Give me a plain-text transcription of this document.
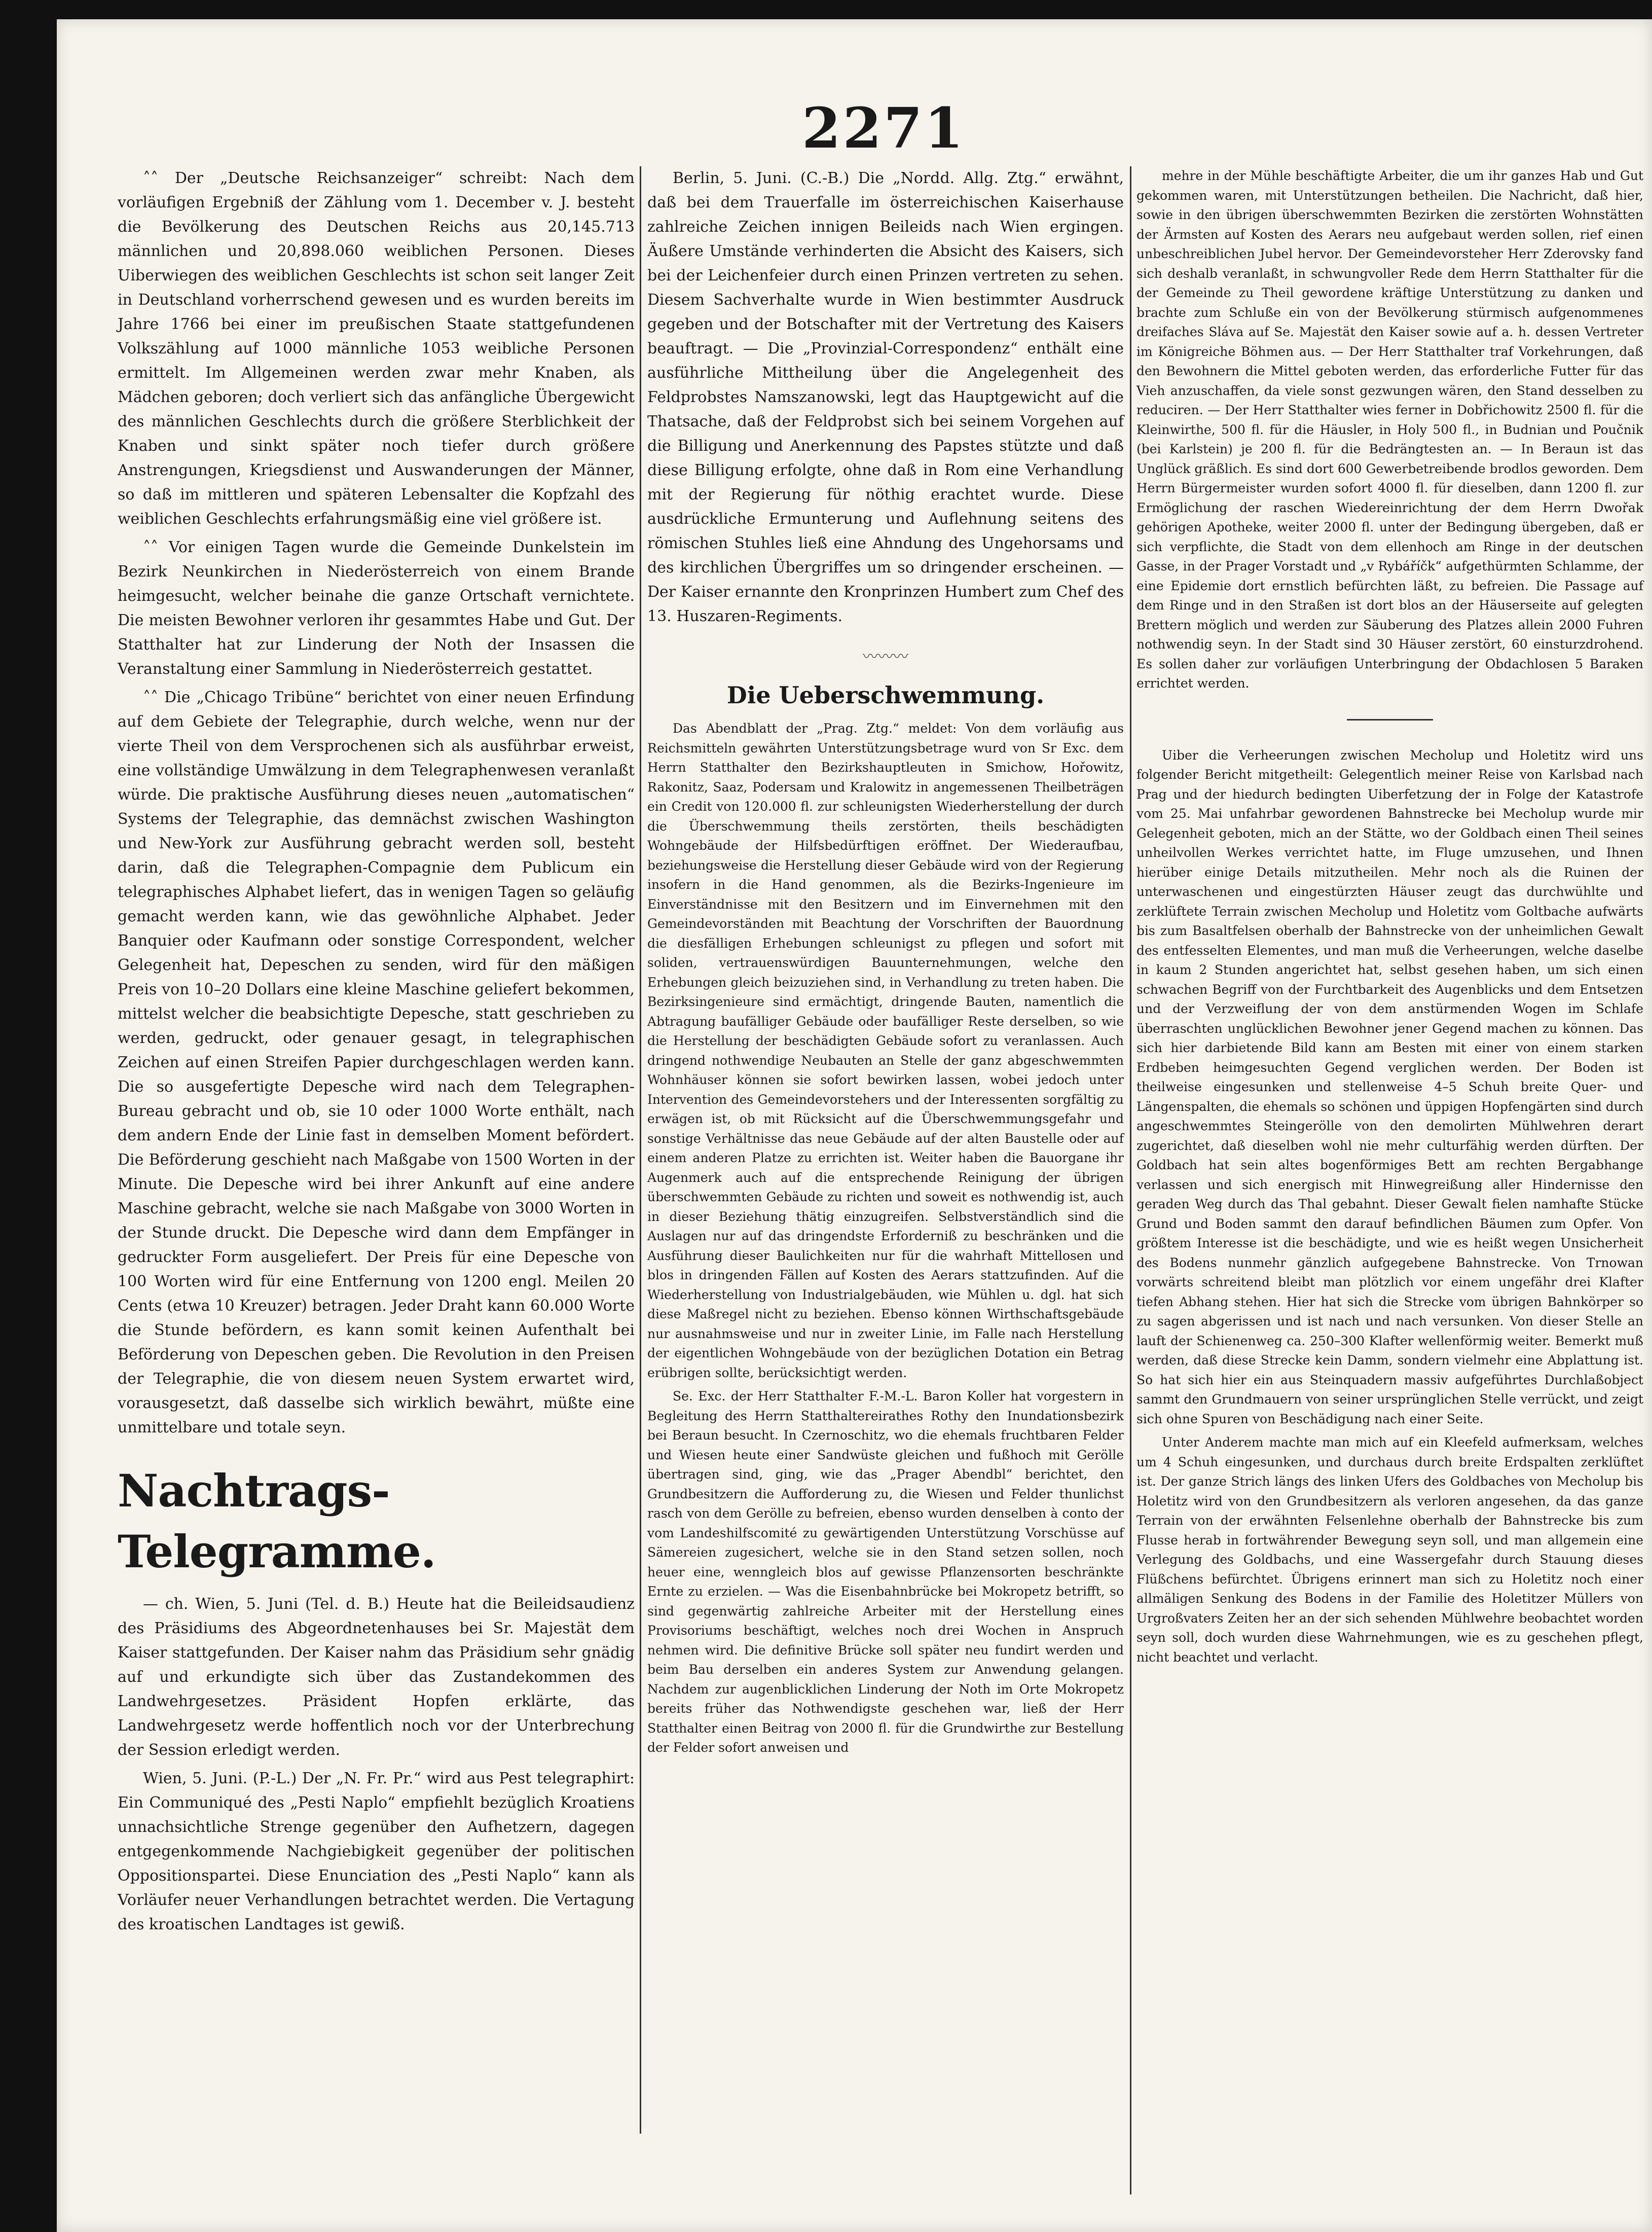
2271

˄˄ Der „Deutsche Reichsanzeiger“ schreibt: Nach dem vorläufigen Ergebniß der Zählung vom 1. December v. J. besteht die Bevölkerung des Deutschen Reichs aus 20,145.713 männlichen und 20,898.060 weiblichen Personen. Dieses Uiberwiegen des weiblichen Geschlechts ist schon seit langer Zeit in Deutschland vorherrschend gewesen und es wurden bereits im Jahre 1766 bei einer im preußischen Staate stattgefundenen Volkszählung auf 1000 männliche 1053 weibliche Personen ermittelt. Im Allgemeinen werden zwar mehr Knaben, als Mädchen geboren; doch verliert sich das anfängliche Übergewicht des männlichen Geschlechts durch die größere Sterblichkeit der Knaben und sinkt später noch tiefer durch größere Anstrengungen, Kriegsdienst und Auswanderungen der Männer, so daß im mittleren und späteren Lebensalter die Kopfzahl des weiblichen Geschlechts erfahrungsmäßig eine viel größere ist.

˄˄ Vor einigen Tagen wurde die Gemeinde Dunkelstein im Bezirk Neunkirchen in Niederösterreich von einem Brande heimgesucht, welcher beinahe die ganze Ortschaft vernichtete. Die meisten Bewohner verloren ihr gesammtes Habe und Gut. Der Statthalter hat zur Linderung der Noth der Insassen die Veranstaltung einer Sammlung in Niederösterreich gestattet.

˄˄ Die „Chicago Tribüne“ berichtet von einer neuen Erfindung auf dem Gebiete der Telegraphie, durch welche, wenn nur der vierte Theil von dem Versprochenen sich als ausführbar erweist, eine vollständige Umwälzung in dem Telegraphenwesen veranlaßt würde. Die praktische Ausführung dieses neuen „automatischen“ Systems der Telegraphie, das demnächst zwischen Washington und New-York zur Ausführung gebracht werden soll, besteht darin, daß die Telegraphen-Compagnie dem Publicum ein telegraphisches Alphabet liefert, das in wenigen Tagen so geläufig gemacht werden kann, wie das gewöhnliche Alphabet. Jeder Banquier oder Kaufmann oder sonstige Correspondent, welcher Gelegenheit hat, Depeschen zu senden, wird für den mäßigen Preis von 10–20 Dollars eine kleine Maschine geliefert bekommen, mittelst welcher die beabsichtigte Depesche, statt geschrieben zu werden, gedruckt, oder genauer gesagt, in telegraphischen Zeichen auf einen Streifen Papier durchgeschlagen werden kann. Die so ausgefertigte Depesche wird nach dem Telegraphen-Bureau gebracht und ob, sie 10 oder 1000 Worte enthält, nach dem andern Ende der Linie fast in demselben Moment befördert. Die Beförderung geschieht nach Maßgabe von 1500 Worten in der Minute. Die Depesche wird bei ihrer Ankunft auf eine andere Maschine gebracht, welche sie nach Maßgabe von 3000 Worten in der Stunde druckt. Die Depesche wird dann dem Empfänger in gedruckter Form ausgeliefert. Der Preis für eine Depesche von 100 Worten wird für eine Entfernung von 1200 engl. Meilen 20 Cents (etwa 10 Kreuzer) betragen. Jeder Draht kann 60.000 Worte die Stunde befördern, es kann somit keinen Aufenthalt bei Beförderung von Depeschen geben. Die Revolution in den Preisen der Telegraphie, die von diesem neuen System erwartet wird, vorausgesetzt, daß dasselbe sich wirklich bewährt, müßte eine unmittelbare und totale seyn.

Nachtrags-Telegramme.

— ch. Wien, 5. Juni (Tel. d. B.) Heute hat die Beileidsaudienz des Präsidiums des Abgeordnetenhauses bei Sr. Majestät dem Kaiser stattgefunden. Der Kaiser nahm das Präsidium sehr gnädig auf und erkundigte sich über das Zustandekommen des Landwehrgesetzes. Präsident Hopfen erklärte, das Landwehrgesetz werde hoffentlich noch vor der Unterbrechung der Session erledigt werden.

Wien, 5. Juni. (P.-L.) Der „N. Fr. Pr.“ wird aus Pest telegraphirt: Ein Communiqué des „Pesti Naplo“ empfiehlt bezüglich Kroatiens unnachsichtliche Strenge gegenüber den Aufhetzern, dagegen entgegenkommende Nachgiebigkeit gegenüber der politischen Oppositionspartei. Diese Enunciation des „Pesti Naplo“ kann als Vorläufer neuer Verhandlungen betrachtet werden. Die Vertagung des kroatischen Landtages ist gewiß.

Berlin, 5. Juni. (C.-B.) Die „Nordd. Allg. Ztg.“ erwähnt, daß bei dem Trauerfalle im österreichischen Kaiserhause zahlreiche Zeichen innigen Beileids nach Wien ergingen. Äußere Umstände verhinderten die Absicht des Kaisers, sich bei der Leichenfeier durch einen Prinzen vertreten zu sehen. Diesem Sachverhalte wurde in Wien bestimmter Ausdruck gegeben und der Botschafter mit der Vertretung des Kaisers beauftragt. — Die „Provinzial-Correspondenz“ enthält eine ausführliche Mittheilung über die Angelegenheit des Feldprobstes Namszanowski, legt das Hauptgewicht auf die Thatsache, daß der Feldprobst sich bei seinem Vorgehen auf die Billigung und Anerkennung des Papstes stützte und daß diese Billigung erfolgte, ohne daß in Rom eine Verhandlung mit der Regierung für nöthig erachtet wurde. Diese ausdrückliche Ermunterung und Auflehnung seitens des römischen Stuhles ließ eine Ahndung des Ungehorsams und des kirchlichen Übergriffes um so dringender erscheinen. — Der Kaiser ernannte den Kronprinzen Humbert zum Chef des 13. Huszaren-Regiments.

〰〰〰
Die Ueberschwemmung.

Das Abendblatt der „Prag. Ztg.“ meldet: Von dem vorläufig aus Reichsmitteln gewährten Unterstützungsbetrage wurd von Sr Exc. dem Herrn Statthalter den Bezirkshauptleuten in Smichow, Hořowitz, Rakonitz, Saaz, Podersam und Kralowitz in angemessenen Theilbeträgen ein Credit von 120.000 fl. zur schleunigsten Wiederherstellung der durch die Überschwemmung theils zerstörten, theils beschädigten Wohngebäude der Hilfsbedürftigen eröffnet. Der Wiederaufbau, beziehungsweise die Herstellung dieser Gebäude wird von der Regierung insofern in die Hand genommen, als die Bezirks-Ingenieure im Einverständnisse mit den Besitzern und im Einvernehmen mit den Gemeindevorständen mit Beachtung der Vorschriften der Bauordnung die diesfälligen Erhebungen schleunigst zu pflegen und sofort mit soliden, vertrauenswürdigen Bauunternehmungen, welche den Erhebungen gleich beizuziehen sind, in Verhandlung zu treten haben. Die Bezirksingenieure sind ermächtigt, dringende Bauten, namentlich die Abtragung baufälliger Gebäude oder baufälliger Reste derselben, so wie die Herstellung der beschädigten Gebäude sofort zu veranlassen. Auch dringend nothwendige Neubauten an Stelle der ganz abgeschwemmten Wohnhäuser können sie sofort bewirken lassen, wobei jedoch unter Intervention des Gemeindevorstehers und der Interessenten sorgfältig zu erwägen ist, ob mit Rücksicht auf die Überschwemmungsgefahr und sonstige Verhältnisse das neue Gebäude auf der alten Baustelle oder auf einem anderen Platze zu errichten ist. Weiter haben die Bauorgane ihr Augenmerk auch auf die entsprechende Reinigung der übrigen überschwemmten Gebäude zu richten und soweit es nothwendig ist, auch in dieser Beziehung thätig einzugreifen. Selbstverständlich sind die Auslagen nur auf das dringendste Erforderniß zu beschränken und die Ausführung dieser Baulichkeiten nur für die wahrhaft Mittellosen und blos in dringenden Fällen auf Kosten des Aerars stattzufinden. Auf die Wiederherstellung von Industrialgebäuden, wie Mühlen u. dgl. hat sich diese Maßregel nicht zu beziehen. Ebenso können Wirthschaftsgebäude nur ausnahmsweise und nur in zweiter Linie, im Falle nach Herstellung der eigentlichen Wohngebäude von der bezüglichen Dotation ein Betrag erübrigen sollte, berücksichtigt werden.

Se. Exc. der Herr Statthalter F.-M.-L. Baron Koller hat vorgestern in Begleitung des Herrn Statthaltereirathes Rothy den Inundationsbezirk bei Beraun besucht. In Czernoschitz, wo die ehemals fruchtbaren Felder und Wiesen heute einer Sandwüste gleichen und fußhoch mit Gerölle übertragen sind, ging, wie das „Prager Abendbl“ berichtet, den Grundbesitzern die Aufforderung zu, die Wiesen und Felder thunlichst rasch von dem Gerölle zu befreien, ebenso wurden denselben à conto der vom Landeshilfscomité zu gewärtigenden Unterstützung Vorschüsse auf Sämereien zugesichert, welche sie in den Stand setzen sollen, noch heuer eine, wenngleich blos auf gewisse Pflanzensorten beschränkte Ernte zu erzielen. — Was die Eisenbahnbrücke bei Mokropetz betrifft, so sind gegenwärtig zahlreiche Arbeiter mit der Herstellung eines Provisoriums beschäftigt, welches noch drei Wochen in Anspruch nehmen wird. Die definitive Brücke soll später neu fundirt werden und beim Bau derselben ein anderes System zur Anwendung gelangen. Nachdem zur augenblicklichen Linderung der Noth im Orte Mokropetz bereits früher das Nothwendigste geschehen war, ließ der Herr Statthalter einen Beitrag von 2000 fl. für die Grundwirthe zur Bestellung der Felder sofort anweisen und

mehre in der Mühle beschäftigte Arbeiter, die um ihr ganzes Hab und Gut gekommen waren, mit Unterstützungen betheilen. Die Nachricht, daß hier, sowie in den übrigen überschwemmten Bezirken die zerstörten Wohnstätten der Ärmsten auf Kosten des Aerars neu aufgebaut werden sollen, rief einen unbeschreiblichen Jubel hervor. Der Gemeindevorsteher Herr Zderovsky fand sich deshalb veranlaßt, in schwungvoller Rede dem Herrn Statthalter für die der Gemeinde zu Theil gewordene kräftige Unterstützung zu danken und brachte zum Schluße ein von der Bevölkerung stürmisch aufgenommenes dreifaches Sláva auf Se. Majestät den Kaiser sowie auf a. h. dessen Vertreter im Königreiche Böhmen aus. — Der Herr Statthalter traf Vorkehrungen, daß den Bewohnern die Mittel geboten werden, das erforderliche Futter für das Vieh anzuschaffen, da viele sonst gezwungen wären, den Stand desselben zu reduciren. — Der Herr Statthalter wies ferner in Dobřichowitz 2500 fl. für die Kleinwirthe, 500 fl. für die Häusler, in Holy 500 fl., in Budnian und Poučnik (bei Karlstein) je 200 fl. für die Bedrängtesten an. — In Beraun ist das Unglück gräßlich. Es sind dort 600 Gewerbetreibende brodlos geworden. Dem Herrn Bürgermeister wurden sofort 4000 fl. für dieselben, dann 1200 fl. zur Ermöglichung der raschen Wiedereinrichtung der dem Herrn Dwořak gehörigen Apotheke, weiter 2000 fl. unter der Bedingung übergeben, daß er sich verpflichte, die Stadt von dem ellenhoch am Ringe in der deutschen Gasse, in der Prager Vorstadt und „v Rybáříčk“ aufgethürmten Schlamme, der eine Epidemie dort ernstlich befürchten läßt, zu befreien. Die Passage auf dem Ringe und in den Straßen ist dort blos an der Häuserseite auf gelegten Brettern möglich und werden zur Säuberung des Platzes allein 2000 Fuhren nothwendig seyn. In der Stadt sind 30 Häuser zerstört, 60 einsturzdrohend. Es sollen daher zur vorläufigen Unterbringung der Obdachlosen 5 Baraken errichtet werden.

Uiber die Verheerungen zwischen Mecholup und Holetitz wird uns folgender Bericht mitgetheilt: Gelegentlich meiner Reise von Karlsbad nach Prag und der hiedurch bedingten Uiberfetzung der in Folge der Katastrofe vom 25. Mai unfahrbar gewordenen Bahnstrecke bei Mecholup wurde mir Gelegenheit geboten, mich an der Stätte, wo der Goldbach einen Theil seines unheilvollen Werkes verrichtet hatte, im Fluge umzusehen, und Ihnen hierüber einige Details mitzutheilen. Mehr noch als die Ruinen der unterwaschenen und eingestürzten Häuser zeugt das durchwühlte und zerklüftete Terrain zwischen Mecholup und Holetitz vom Goltbache aufwärts bis zum Basaltfelsen oberhalb der Bahnstrecke von der unheimlichen Gewalt des entfesselten Elementes, und man muß die Verheerungen, welche daselbe in kaum 2 Stunden angerichtet hat, selbst gesehen haben, um sich einen schwachen Begriff von der Furchtbarkeit des Augenblicks und dem Entsetzen und der Verzweiflung der von dem anstürmenden Wogen im Schlafe überraschten unglücklichen Bewohner jener Gegend machen zu können. Das sich hier darbietende Bild kann am Besten mit einer von einem starken Erdbeben heimgesuchten Gegend verglichen werden. Der Boden ist theilweise eingesunken und stellenweise 4–5 Schuh breite Quer- und Längenspalten, die ehemals so schönen und üppigen Hopfengärten sind durch angeschwemmtes Steingerölle von den demolirten Mühlwehren derart zugerichtet, daß dieselben wohl nie mehr culturfähig werden dürften. Der Goldbach hat sein altes bogenförmiges Bett am rechten Bergabhange verlassen und sich energisch mit Hinwegreißung aller Hindernisse den geraden Weg durch das Thal gebahnt. Dieser Gewalt fielen namhafte Stücke Grund und Boden sammt den darauf befindlichen Bäumen zum Opfer. Von größtem Interesse ist die beschädigte, und wie es heißt wegen Unsicherheit des Bodens nunmehr gänzlich aufgegebene Bahnstrecke. Von Trnowan vorwärts schreitend bleibt man plötzlich vor einem ungefähr drei Klafter tiefen Abhang stehen. Hier hat sich die Strecke vom übrigen Bahnkörper so zu sagen abgerissen und ist nach und nach versunken. Von dieser Stelle an lauft der Schienenweg ca. 250–300 Klafter wellenförmig weiter. Bemerkt muß werden, daß diese Strecke kein Damm, sondern vielmehr eine Abplattung ist. So hat sich hier ein aus Steinquadern massiv aufgeführtes Durchlaßobject sammt den Grundmauern von seiner ursprünglichen Stelle verrückt, und zeigt sich ohne Spuren von Beschädigung nach einer Seite.

Unter Anderem machte man mich auf ein Kleefeld aufmerksam, welches um 4 Schuh eingesunken, und durchaus durch breite Erdspalten zerklüftet ist. Der ganze Strich längs des linken Ufers des Goldbaches von Mecholup bis Holetitz wird von den Grundbesitzern als verloren angesehen, da das ganze Terrain von der erwähnten Felsenlehne oberhalb der Bahnstrecke bis zum Flusse herab in fortwährender Bewegung seyn soll, und man allgemein eine Verlegung des Goldbachs, und eine Wassergefahr durch Stauung dieses Flüßchens befürchtet. Übrigens erinnert man sich zu Holetitz noch einer allmäligen Senkung des Bodens in der Familie des Holetitzer Müllers von Urgroßvaters Zeiten her an der sich sehenden Mühlwehre beobachtet worden seyn soll, doch wurden diese Wahrnehmungen, wie es zu geschehen pflegt, nicht beachtet und verlacht.
